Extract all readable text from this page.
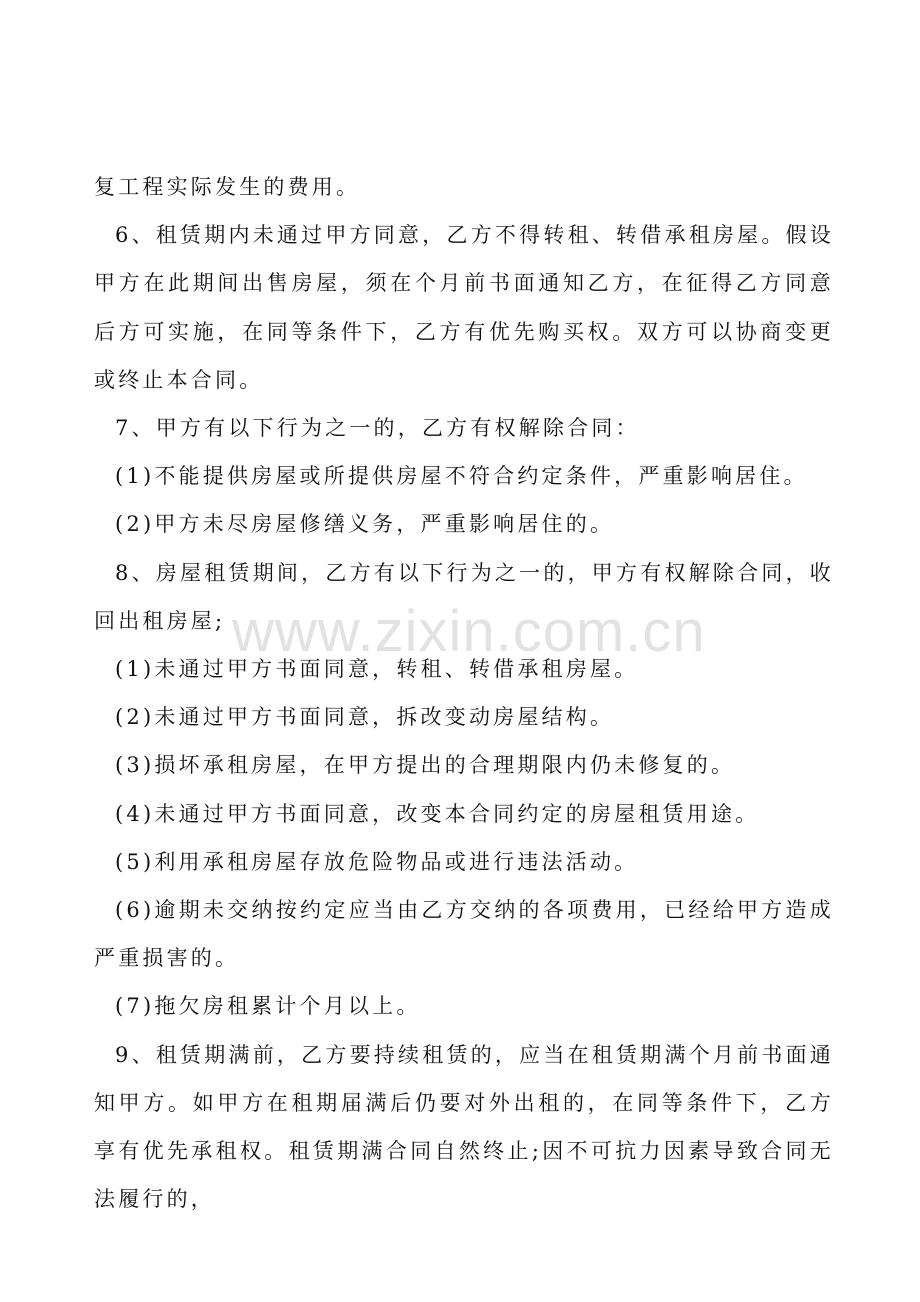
复工程实际发生的费用。

6、租赁期内未通过甲方同意，乙方不得转租、转借承租房屋。假设甲方在此期间出售房屋，须在个月前书面通知乙方，在征得乙方同意后方可实施，在同等条件下，乙方有优先购买权。双方可以协商变更或终止本合同。

7、甲方有以下行为之一的，乙方有权解除合同：

(1)不能提供房屋或所提供房屋不符合约定条件，严重影响居住。

(2)甲方未尽房屋修缮义务，严重影响居住的。

8、房屋租赁期间，乙方有以下行为之一的，甲方有权解除合同，收回出租房屋;

(1)未通过甲方书面同意，转租、转借承租房屋。

(2)未通过甲方书面同意，拆改变动房屋结构。

(3)损坏承租房屋，在甲方提出的合理期限内仍未修复的。

(4)未通过甲方书面同意，改变本合同约定的房屋租赁用途。

(5)利用承租房屋存放危险物品或进行违法活动。

(6)逾期未交纳按约定应当由乙方交纳的各项费用，已经给甲方造成严重损害的。

(7)拖欠房租累计个月以上。

9、租赁期满前，乙方要持续租赁的，应当在租赁期满个月前书面通知甲方。如甲方在租期届满后仍要对外出租的，在同等条件下，乙方享有优先承租权。租赁期满合同自然终止;因不可抗力因素导致合同无法履行的，

www.zixin.com.cn
